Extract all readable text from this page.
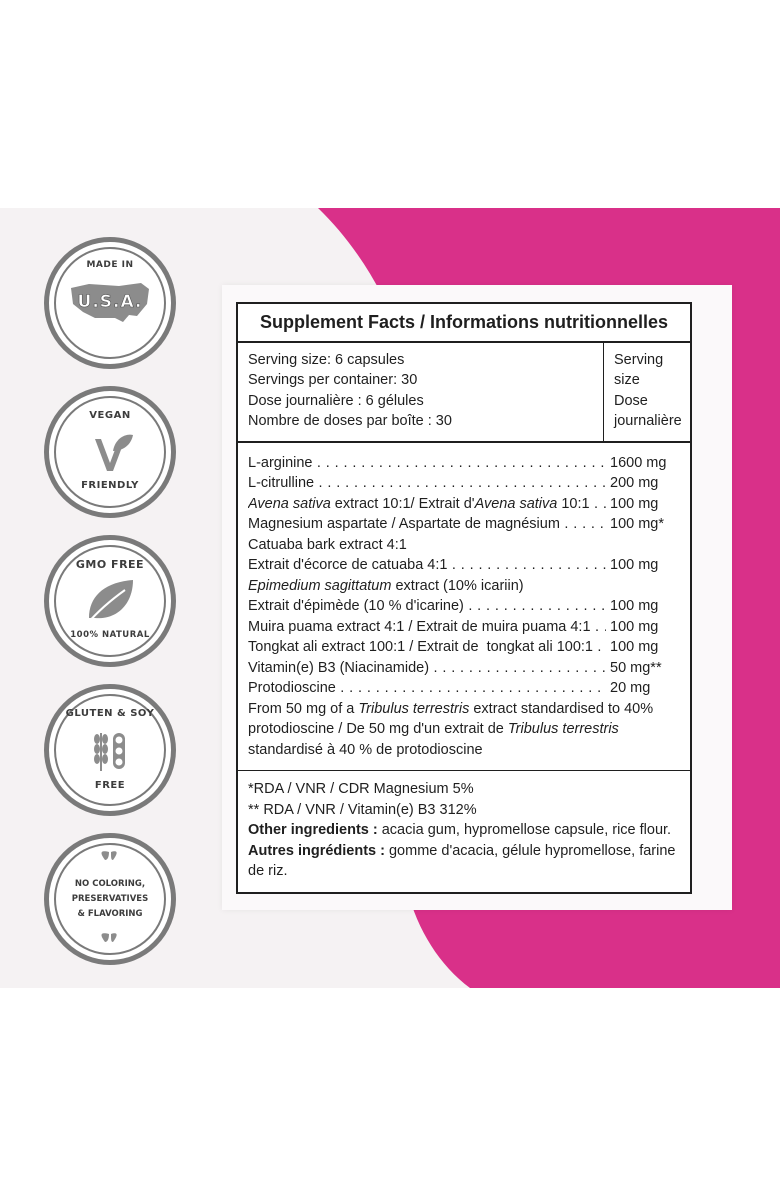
MADE IN
U.S.A.
VEGAN
FRIENDLY
GMO FREE
100% NATURAL
GLUTEN & SOY
FREE
NO COLORING,
PRESERVATIVES
& FLAVORING
Supplement Facts / Informations nutritionnelles
Serving size: 6 capsules
Servings per container: 30
Dose journalière : 6 gélules
Nombre de doses par boîte : 30
Serving
size
Dose
journalière
L-arginine . . .	1600 mg
L-citrulline . . .	200 mg
Avena sativa extract 10:1/ Extrait d'Avena sativa 10:1 . . .	100 mg
Magnesium aspartate / Aspartate de magnésium . . .	100 mg*
Catuaba bark extract 4:1
Extrait d'écorce de catuaba 4:1 . . .	100 mg
Epimedium sagittatum extract (10% icariin)
Extrait d'épimède (10 % d'icarine) . . .	100 mg
Muira puama extract 4:1 / Extrait de muira puama 4:1 . . .	100 mg
Tongkat ali extract 100:1 / Extrait de  tongkat ali 100:1 . . .	100 mg
Vitamin(e) B3 (Niacinamide) . . .	50 mg**
Protodioscine . . .	20 mg
From 50 mg of a Tribulus terrestris extract standardised to 40% protodioscine / De 50 mg d'un extrait de Tribulus terrestris standardisé à 40 % de protodioscine
*RDA / VNR / CDR Magnesium 5%
** RDA / VNR / Vitamin(e) B3 312%
Other ingredients : acacia gum, hypromellose capsule, rice flour.
Autres ingrédients : gomme d'acacia, gélule hypromellose, farine de riz.
